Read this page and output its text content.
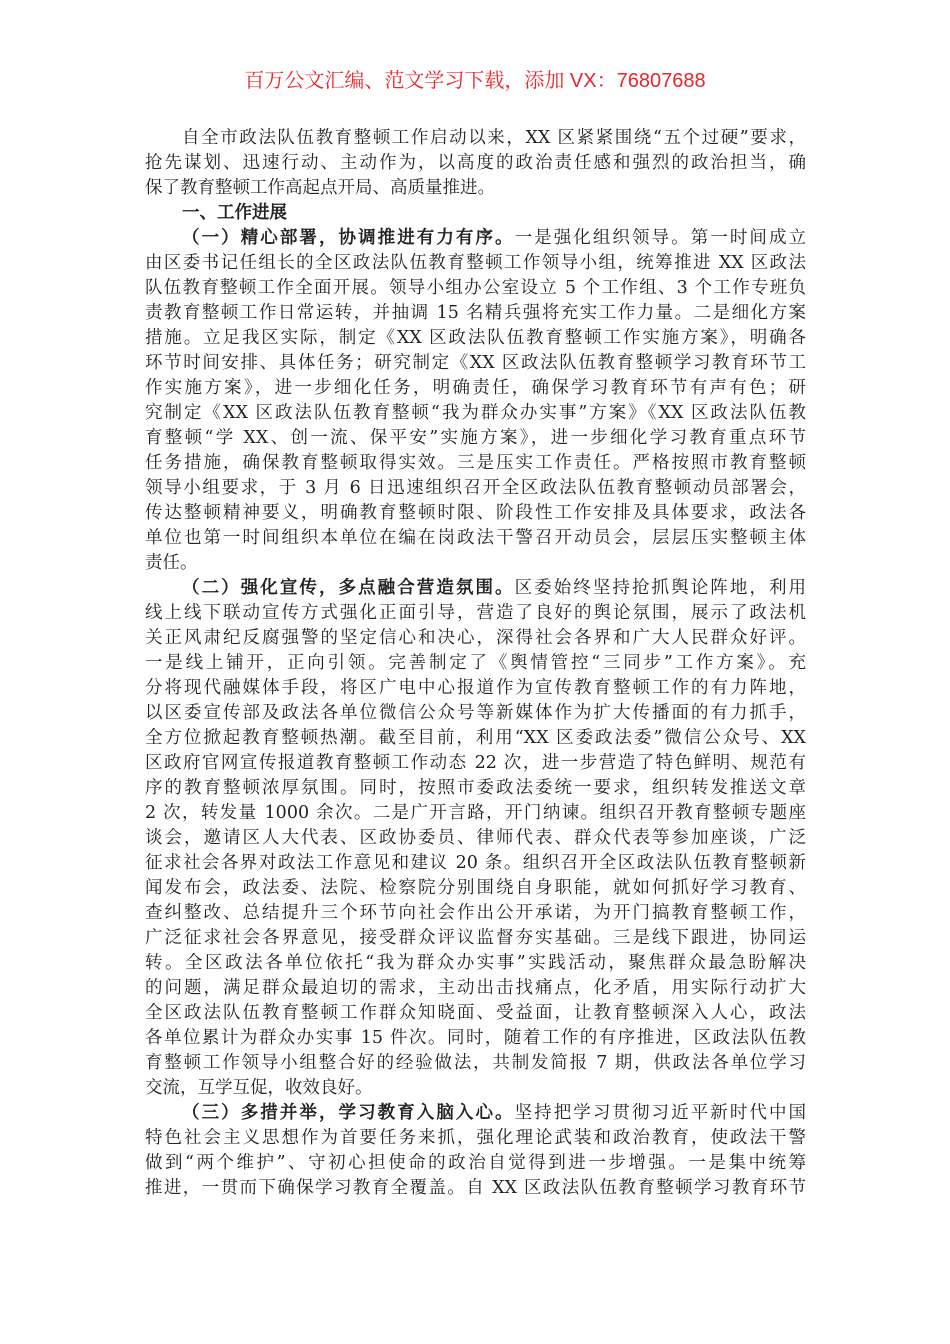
百万公文汇编、范文学习下载，添加 VX：76807688
自全市政法队伍教育整顿工作启动以来，XX 区紧紧围绕“五个过硬”要求，
抢先谋划、迅速行动、主动作为，以高度的政治责任感和强烈的政治担当，确
保了教育整顿工作高起点开局、高质量推进。
一、工作进展
（一）精心部署，协调推进有力有序。一是强化组织领导。第一时间成立
由区委书记任组长的全区政法队伍教育整顿工作领导小组，统筹推进 XX 区政法
队伍教育整顿工作全面开展。领导小组办公室设立 5 个工作组、3 个工作专班负
责教育整顿工作日常运转，并抽调 15 名精兵强将充实工作力量。二是细化方案
措施。立足我区实际，制定《XX 区政法队伍教育整顿工作实施方案》，明确各
环节时间安排、具体任务；研究制定《XX 区政法队伍教育整顿学习教育环节工
作实施方案》，进一步细化任务，明确责任，确保学习教育环节有声有色；研
究制定《XX 区政法队伍教育整顿“我为群众办实事”方案》《XX 区政法队伍教
育整顿“学 XX、创一流、保平安”实施方案》，进一步细化学习教育重点环节
任务措施，确保教育整顿取得实效。三是压实工作责任。严格按照市教育整顿
领导小组要求，于 3 月 6 日迅速组织召开全区政法队伍教育整顿动员部署会，
传达整顿精神要义，明确教育整顿时限、阶段性工作安排及具体要求，政法各
单位也第一时间组织本单位在编在岗政法干警召开动员会，层层压实整顿主体
责任。
（二）强化宣传，多点融合营造氛围。区委始终坚持抢抓舆论阵地，利用
线上线下联动宣传方式强化正面引导，营造了良好的舆论氛围，展示了政法机
关正风肃纪反腐强警的坚定信心和决心，深得社会各界和广大人民群众好评。
一是线上铺开，正向引领。完善制定了《舆情管控“三同步”工作方案》。充
分将现代融媒体手段，将区广电中心报道作为宣传教育整顿工作的有力阵地，
以区委宣传部及政法各单位微信公众号等新媒体作为扩大传播面的有力抓手，
全方位掀起教育整顿热潮。截至目前，利用“XX 区委政法委”微信公众号、XX
区政府官网宣传报道教育整顿工作动态 22 次，进一步营造了特色鲜明、规范有
序的教育整顿浓厚氛围。同时，按照市委政法委统一要求，组织转发推送文章
2 次，转发量 1000 余次。二是广开言路，开门纳谏。组织召开教育整顿专题座
谈会，邀请区人大代表、区政协委员、律师代表、群众代表等参加座谈，广泛
征求社会各界对政法工作意见和建议 20 条。组织召开全区政法队伍教育整顿新
闻发布会，政法委、法院、检察院分别围绕自身职能，就如何抓好学习教育、
查纠整改、总结提升三个环节向社会作出公开承诺，为开门搞教育整顿工作，
广泛征求社会各界意见，接受群众评议监督夯实基础。三是线下跟进，协同运
转。全区政法各单位依托“我为群众办实事”实践活动，聚焦群众最急盼解决
的问题，满足群众最迫切的需求，主动出击找痛点，化矛盾，用实际行动扩大
全区政法队伍教育整顿工作群众知晓面、受益面，让教育整顿深入人心，政法
各单位累计为群众办实事 15 件次。同时，随着工作的有序推进，区政法队伍教
育整顿工作领导小组整合好的经验做法，共制发简报 7 期，供政法各单位学习
交流，互学互促，收效良好。
（三）多措并举，学习教育入脑入心。坚持把学习贯彻习近平新时代中国
特色社会主义思想作为首要任务来抓，强化理论武装和政治教育，使政法干警
做到“两个维护”、守初心担使命的政治自觉得到进一步增强。一是集中统筹
推进，一贯而下确保学习教育全覆盖。自 XX 区政法队伍教育整顿学习教育环节
